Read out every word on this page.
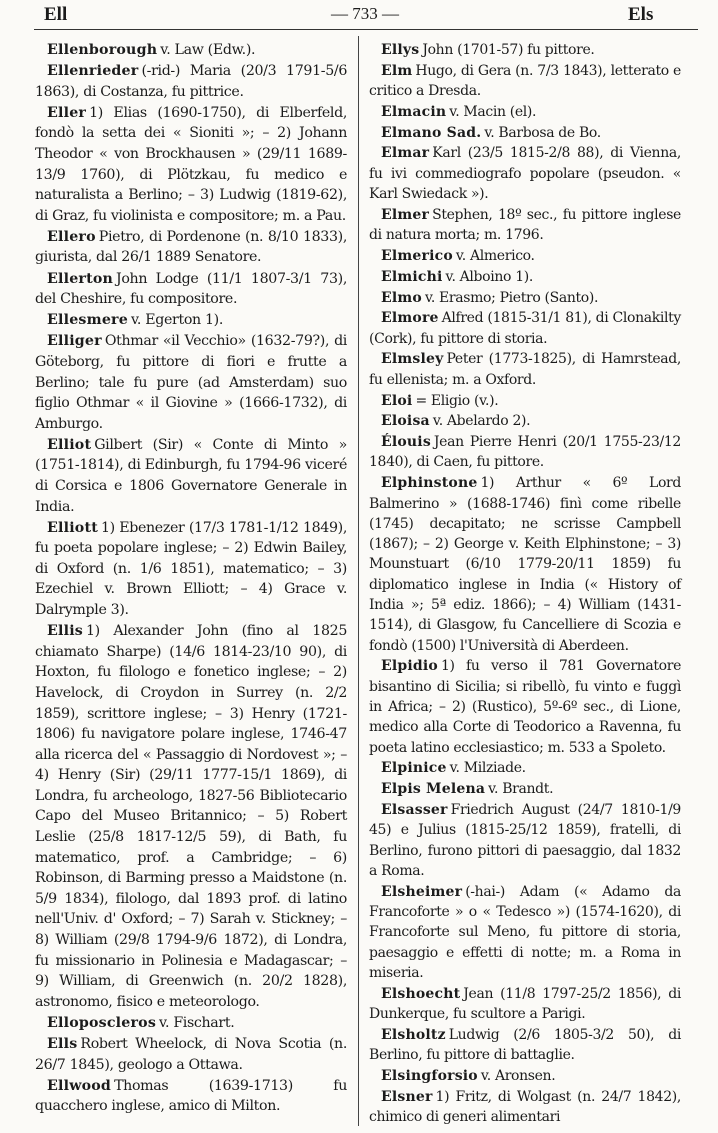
Ell	— 733 —	Els

Ellenborough v. Law (Edw.).

Ellenrieder (-rid-) Maria (20/3 1791-5/6 1863), di Costanza, fu pittrice.

Eller 1) Elias (1690-1750), di Elberfeld, fondò la setta dei « Sioniti »; – 2) Johann Theodor « von Brockhausen » (29/11 1689-13/9 1760), di Plötzkau, fu medico e naturalista a Berlino; – 3) Ludwig (1819-62), di Graz, fu violinista e compositore; m. a Pau.

Ellero Pietro, di Pordenone (n. 8/10 1833), giurista, dal 26/1 1889 Senatore.

Ellerton John Lodge (11/1 1807-3/1 73), del Cheshire, fu compositore.

Ellesmere v. Egerton 1).

Elliger Othmar «il Vecchio» (1632-79?), di Göteborg, fu pittore di fiori e frutte a Berlino; tale fu pure (ad Amsterdam) suo figlio Othmar « il Giovine » (1666-1732), di Amburgo.

Elliot Gilbert (Sir) « Conte di Minto » (1751-1814), di Edinburgh, fu 1794-96 viceré di Corsica e 1806 Governatore Generale in India.

Elliott 1) Ebenezer (17/3 1781-1/12 1849), fu poeta popolare inglese; – 2) Edwin Bailey, di Oxford (n. 1/6 1851), matematico; – 3) Ezechiel v. Brown Elliott; – 4) Grace v. Dalrymple 3).

Ellis 1) Alexander John (fino al 1825 chiamato Sharpe) (14/6 1814-23/10 90), di Hoxton, fu filologo e fonetico inglese; – 2) Havelock, di Croydon in Surrey (n. 2/2 1859), scrittore inglese; – 3) Henry (1721-1806) fu navigatore polare inglese, 1746-47 alla ricerca del « Passaggio di Nordovest »; – 4) Henry (Sir) (29/11 1777-15/1 1869), di Londra, fu archeologo, 1827-56 Bibliotecario Capo del Museo Britannico; – 5) Robert Leslie (25/8 1817-12/5 59), di Bath, fu matematico, prof. a Cambridge; – 6) Robinson, di Barming presso a Maidstone (n. 5/9 1834), filologo, dal 1893 prof. di latino nell'Univ. d' Oxford; – 7) Sarah v. Stickney; – 8) William (29/8 1794-9/6 1872), di Londra, fu missionario in Polinesia e Madagascar; – 9) William, di Greenwich (n. 20/2 1828), astronomo, fisico e meteorologo.

Elloposcleros v. Fischart.

Ells Robert Wheelock, di Nova Scotia (n. 26/7 1845), geologo a Ottawa.

Ellwood Thomas (1639-1713) fu quacchero inglese, amico di Milton.

Ellys John (1701-57) fu pittore.

Elm Hugo, di Gera (n. 7/3 1843), letterato e critico a Dresda.

Elmacin v. Macin (el).

Elmano Sad. v. Barbosa de Bo.

Elmar Karl (23/5 1815-2/8 88), di Vienna, fu ivi commediografo popolare (pseudon. « Karl Swiedack »).

Elmer Stephen, 18º sec., fu pittore inglese di natura morta; m. 1796.

Elmerico v. Almerico.

Elmichi v. Alboino 1).

Elmo v. Erasmo; Pietro (Santo).

Elmore Alfred (1815-31/1 81), di Clonakilty (Cork), fu pittore di storia.

Elmsley Peter (1773-1825), di Hamrstead, fu ellenista; m. a Oxford.

Eloi = Eligio (v.).

Eloisa v. Abelardo 2).

Élouis Jean Pierre Henri (20/1 1755-23/12 1840), di Caen, fu pittore.

Elphinstone 1) Arthur « 6º Lord Balmerino » (1688-1746) finì come ribelle (1745) decapitato; ne scrisse Campbell (1867); – 2) George v. Keith Elphinstone; – 3) Mounstuart (6/10 1779-20/11 1859) fu diplomatico inglese in India (« History of India »; 5ª ediz. 1866); – 4) William (1431-1514), di Glasgow, fu Cancelliere di Scozia e fondò (1500) l'Università di Aberdeen.

Elpidio 1) fu verso il 781 Governatore bisantino di Sicilia; si ribellò, fu vinto e fuggì in Africa; – 2) (Rustico), 5º-6º sec., di Lione, medico alla Corte di Teodorico a Ravenna, fu poeta latino ecclesiastico; m. 533 a Spoleto.

Elpinice v. Milziade.

Elpis Melena v. Brandt.

Elsasser Friedrich August (24/7 1810-1/9 45) e Julius (1815-25/12 1859), fratelli, di Berlino, furono pittori di paesaggio, dal 1832 a Roma.

Elsheimer (-hai-) Adam (« Adamo da Francoforte » o « Tedesco ») (1574-1620), di Francoforte sul Meno, fu pittore di storia, paesaggio e effetti di notte; m. a Roma in miseria.

Elshoecht Jean (11/8 1797-25/2 1856), di Dunkerque, fu scultore a Parigi.

Elsholtz Ludwig (2/6 1805-3/2 50), di Berlino, fu pittore di battaglie.

Elsingforsio v. Aronsen.

Elsner 1) Fritz, di Wolgast (n. 24/7 1842), chimico di generi alimentari
